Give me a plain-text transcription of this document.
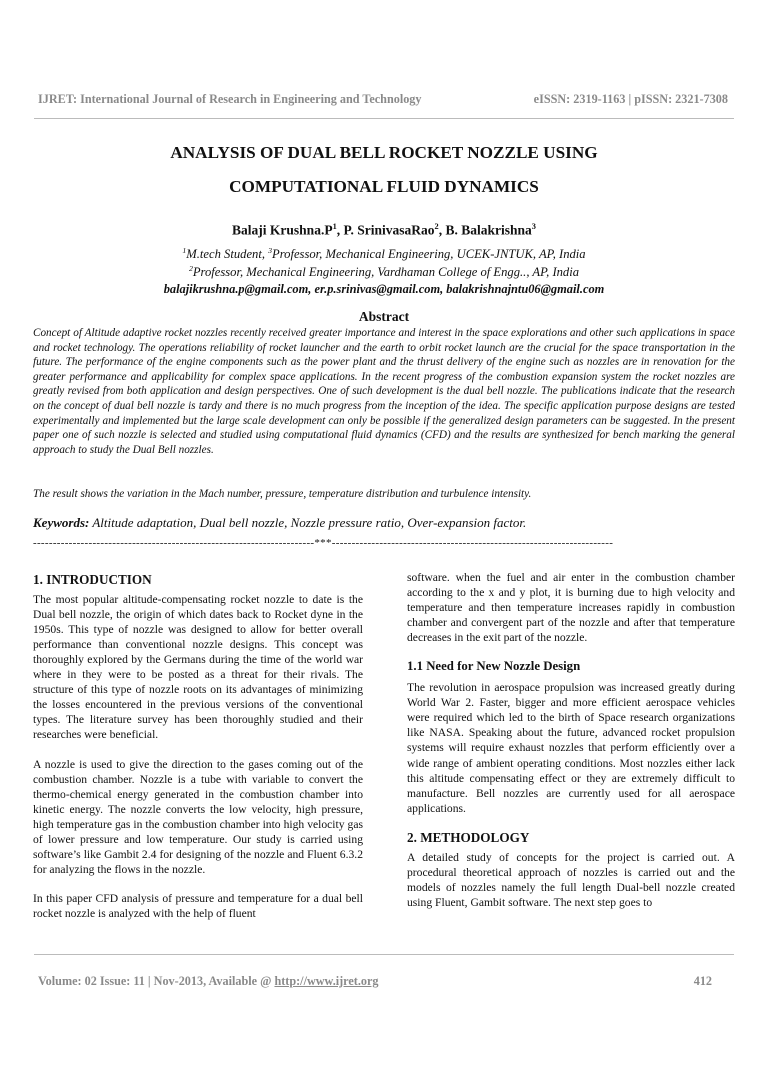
IJRET: International Journal of Research in Engineering and Technology	eISSN: 2319-1163 | pISSN: 2321-7308
ANALYSIS OF DUAL BELL ROCKET NOZZLE USING
COMPUTATIONAL FLUID DYNAMICS
Balaji $Krushna.P^1$, P. SrinivasaRao$^2$, B. Balakrishna$^3$
$^1$M.tech Student, $^3$Professor, Mechanical Engineering, UCEK-JNTUK, AP, India
$^2$Professor, Mechanical Engineering, Vardhaman College of Engg.., AP, India
balajikrushna.p@gmail.com, er.p.srinivas@gmail.com, balakrishnajntu06@gmail.com
Abstract
Concept of Altitude adaptive rocket nozzles recently received greater importance and interest in the space explorations and other such applications in space and rocket technology. The operations reliability of rocket launcher and the earth to orbit rocket launch are the crucial for the space transportation in the future. The performance of the engine components such as the power plant and the thrust delivery of the engine such as nozzles are in renovation for the greater performance and applicability for complex space applications. In the recent progress of the combustion expansion system the rocket nozzles are greatly revised from both application and design perspectives. One of such development is the dual bell nozzle. The publications indicate that the research on the concept of dual bell nozzle is tardy and there is no much progress from the inception of the idea. The specific application purpose designs are tested experimentally and implemented but the large scale development can only be possible if the generalized design parameters can be suggested. In the present paper one of such nozzle is selected and studied using computational fluid dynamics (CFD) and the results are synthesized for bench marking the general approach to study the Dual Bell nozzles.
The result shows the variation in the Mach number, pressure, temperature distribution and turbulence intensity.
Keywords: Altitude adaptation, Dual bell nozzle, Nozzle pressure ratio, Over-expansion factor.
-----------------------------------------------------------------------***-----------------------------------------------------------------------
1. INTRODUCTION

The most popular altitude-compensating rocket nozzle to date is the Dual bell nozzle, the origin of which dates back to Rocket dyne in the 1950s. This type of nozzle was designed to allow for better overall performance than conventional nozzle designs. This concept was thoroughly explored by the Germans during the time of the world war where in they were to be posted as a threat for their rivals. The structure of this type of nozzle roots on its advantages of minimizing the losses encountered in the previous versions of the conventional types. The literature survey has been thoroughly studied and their researches were beneficial.

A nozzle is used to give the direction to the gases coming out of the combustion chamber. Nozzle is a tube with variable to convert the thermo-chemical energy generated in the combustion chamber into kinetic energy. The nozzle converts the low velocity, high pressure, high temperature gas in the combustion chamber into high velocity gas of lower pressure and low temperature. Our study is carried using software’s like Gambit 2.4 for designing of the nozzle and Fluent 6.3.2 for analyzing the flows in the nozzle.

In this paper CFD analysis of pressure and temperature for a dual bell rocket nozzle is analyzed with the help of fluent

software. when the fuel and air enter in the combustion chamber according to the x and y plot, it is burning due to high velocity and temperature and then temperature increases rapidly in combustion chamber and convergent part of the nozzle and after that temperature decreases in the exit part of the nozzle.

1.1 Need for New Nozzle Design

The revolution in aerospace propulsion was increased greatly during World War 2. Faster, bigger and more efficient aerospace vehicles were required which led to the birth of Space research organizations like NASA. Speaking about the future, advanced rocket propulsion systems will require exhaust nozzles that perform efficiently over a wide range of ambient operating conditions. Most nozzles either lack this altitude compensating effect or they are extremely difficult to manufacture. Bell nozzles are currently used for all aerospace applications.

2. METHODOLOGY

A detailed study of concepts for the project is carried out. A procedural theoretical approach of nozzles is carried out and the models of nozzles namely the full length Dual-bell nozzle created using Fluent, Gambit software. The next step goes to

Volume: 02 Issue: 11 | Nov-2013, Available @ http://www.ijret.org	412
